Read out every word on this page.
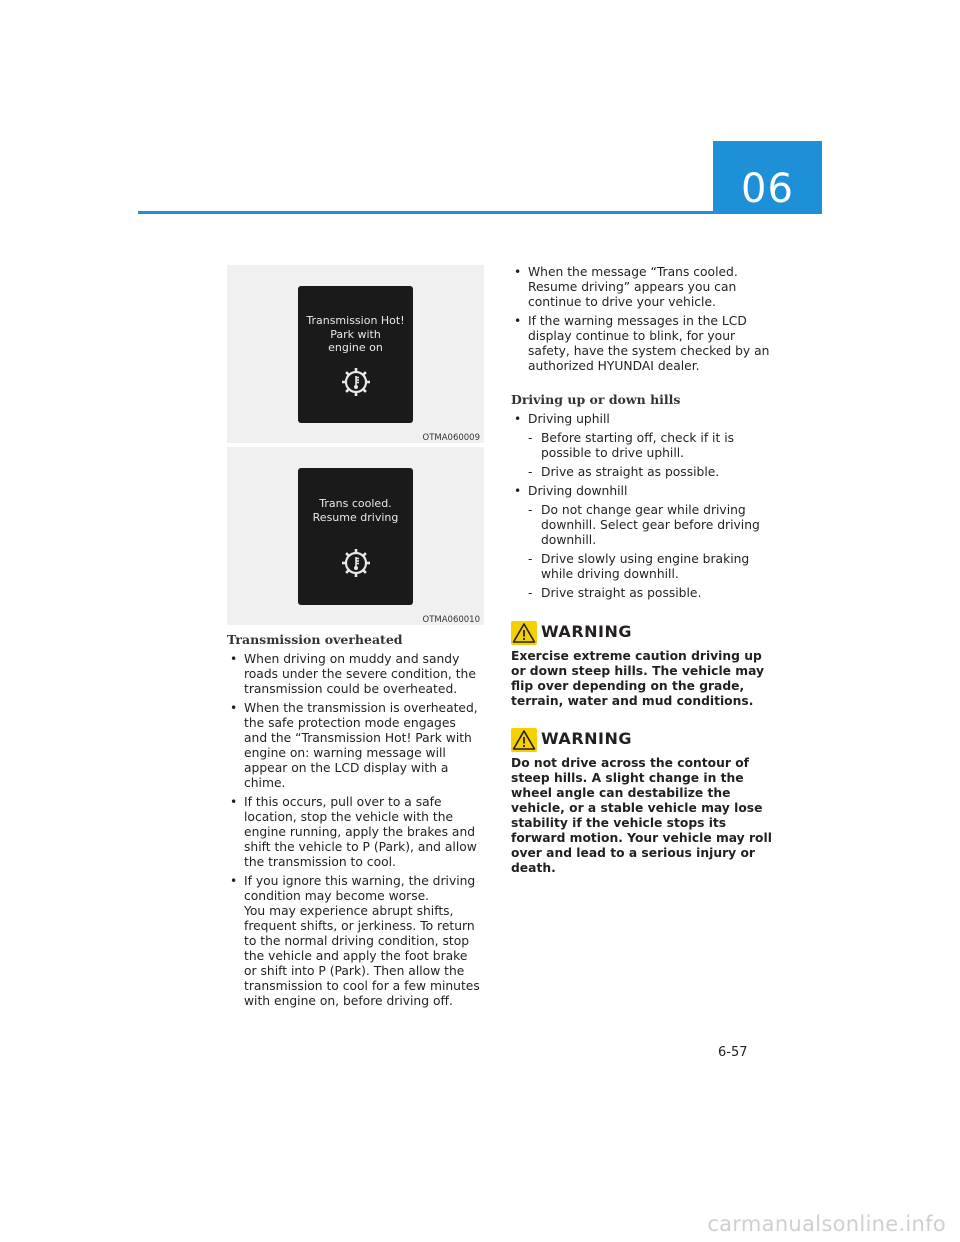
06
Transmission Hot!
Park with
engine on
OTMA060009
Trans cooled.
Resume driving
OTMA060010
Transmission overheated
• When driving on muddy and sandy roads under the severe condition, the transmission could be overheated.
• When the transmission is overheated, the safe protection mode engages and the “Transmission Hot! Park with engine on: warning message will appear on the LCD display with a chime.
• If this occurs, pull over to a safe location, stop the vehicle with the engine running, apply the brakes and shift the vehicle to P (Park), and allow the transmission to cool.
• If you ignore this warning, the driving condition may become worse.
You may experience abrupt shifts, frequent shifts, or jerkiness. To return to the normal driving condition, stop the vehicle and apply the foot brake or shift into P (Park). Then allow the transmission to cool for a few minutes with engine on, before driving off.
• When the message “Trans cooled. Resume driving” appears you can continue to drive your vehicle.
• If the warning messages in the LCD display continue to blink, for your safety, have the system checked by an authorized HYUNDAI dealer.
Driving up or down hills
• Driving uphill
- Before starting off, check if it is possible to drive uphill.
- Drive as straight as possible.
• Driving downhill
- Do not change gear while driving downhill. Select gear before driving downhill.
- Drive slowly using engine braking while driving downhill.
- Drive straight as possible.
WARNING

Exercise extreme caution driving up or down steep hills. The vehicle may flip over depending on the grade, terrain, water and mud conditions.

WARNING

Do not drive across the contour of steep hills. A slight change in the wheel angle can destabilize the vehicle, or a stable vehicle may lose stability if the vehicle stops its forward motion. Your vehicle may roll over and lead to a serious injury or death.

6-57
carmanualsonline.info
